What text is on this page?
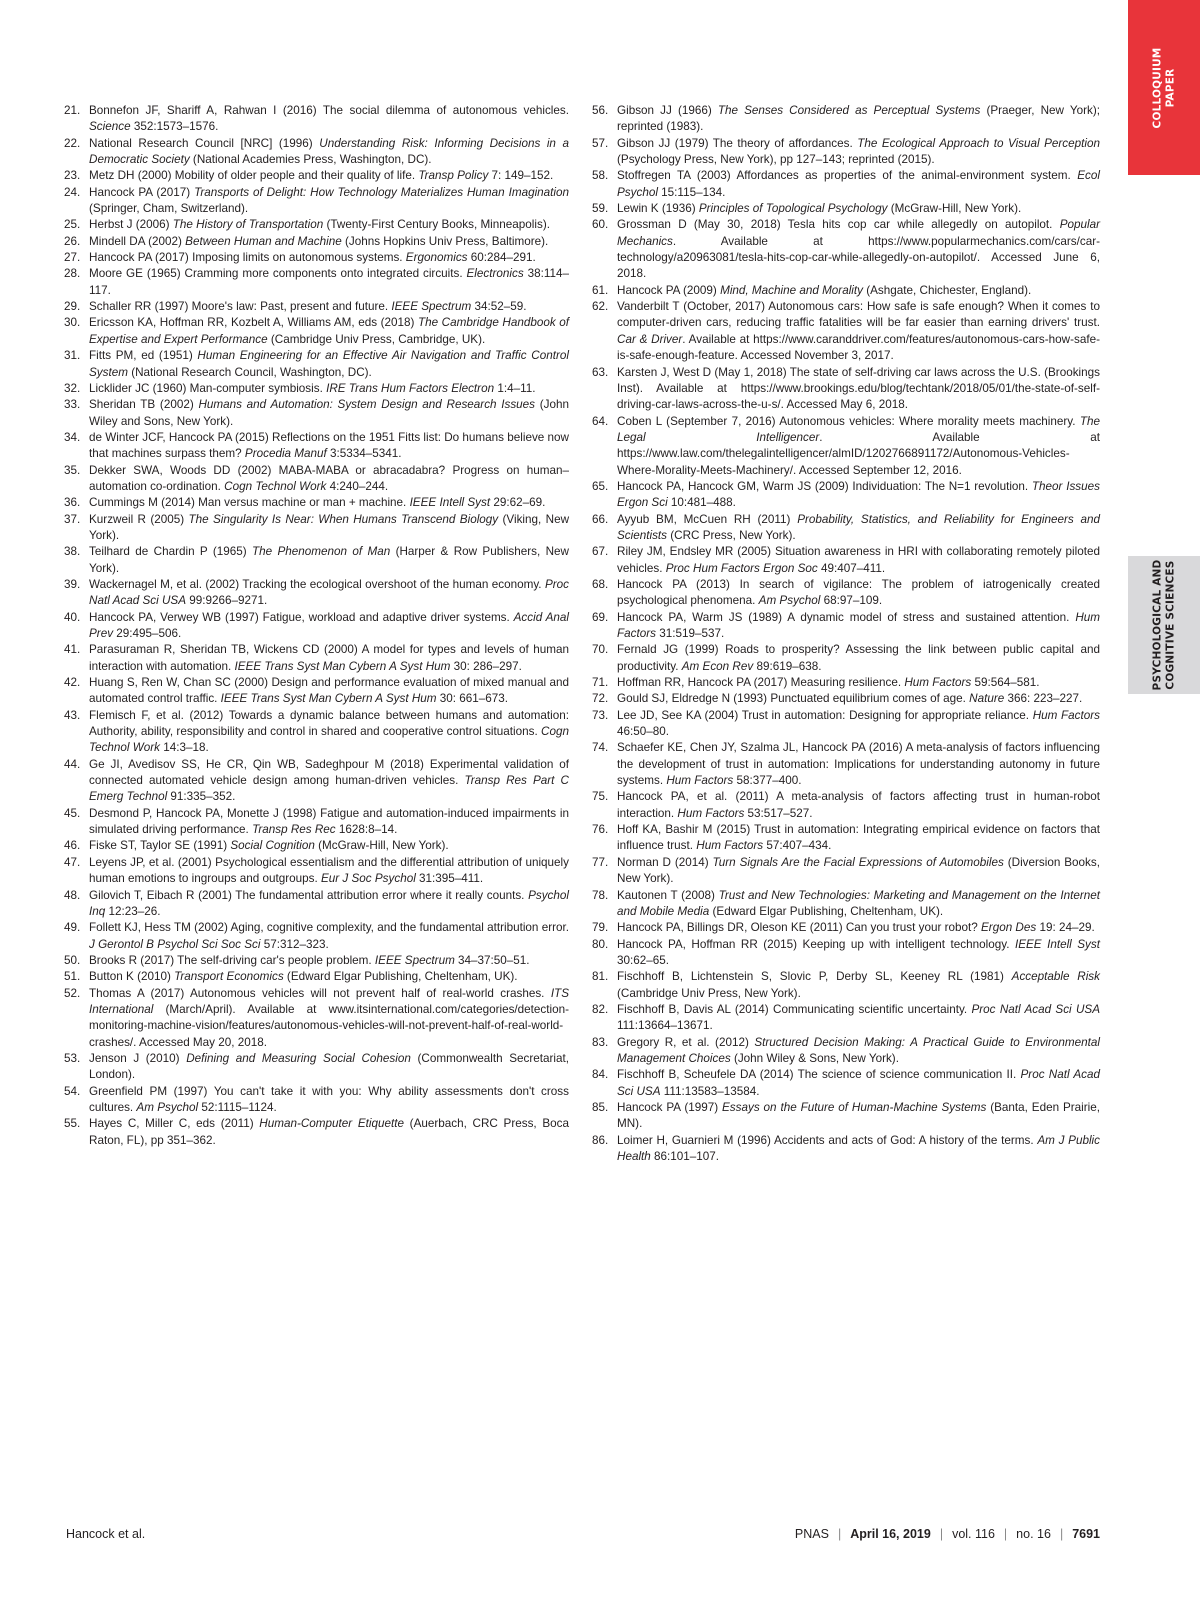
COLLOQUIUM PAPER
PSYCHOLOGICAL AND COGNITIVE SCIENCES
21. Bonnefon JF, Shariff A, Rahwan I (2016) The social dilemma of autonomous vehicles. Science 352:1573–1576.
22. National Research Council [NRC] (1996) Understanding Risk: Informing Decisions in a Democratic Society (National Academies Press, Washington, DC).
23. Metz DH (2000) Mobility of older people and their quality of life. Transp Policy 7: 149–152.
24. Hancock PA (2017) Transports of Delight: How Technology Materializes Human Imagination (Springer, Cham, Switzerland).
25. Herbst J (2006) The History of Transportation (Twenty-First Century Books, Minneapolis).
26. Mindell DA (2002) Between Human and Machine (Johns Hopkins Univ Press, Baltimore).
27. Hancock PA (2017) Imposing limits on autonomous systems. Ergonomics 60:284–291.
28. Moore GE (1965) Cramming more components onto integrated circuits. Electronics 38:114–117.
29. Schaller RR (1997) Moore's law: Past, present and future. IEEE Spectrum 34:52–59.
30. Ericsson KA, Hoffman RR, Kozbelt A, Williams AM, eds (2018) The Cambridge Handbook of Expertise and Expert Performance (Cambridge Univ Press, Cambridge, UK).
31. Fitts PM, ed (1951) Human Engineering for an Effective Air Navigation and Traffic Control System (National Research Council, Washington, DC).
32. Licklider JC (1960) Man-computer symbiosis. IRE Trans Hum Factors Electron 1:4–11.
33. Sheridan TB (2002) Humans and Automation: System Design and Research Issues (John Wiley and Sons, New York).
34. de Winter JCF, Hancock PA (2015) Reflections on the 1951 Fitts list: Do humans believe now that machines surpass them? Procedia Manuf 3:5334–5341.
35. Dekker SWA, Woods DD (2002) MABA-MABA or abracadabra? Progress on human–automation co-ordination. Cogn Technol Work 4:240–244.
36. Cummings M (2014) Man versus machine or man + machine. IEEE Intell Syst 29:62–69.
37. Kurzweil R (2005) The Singularity Is Near: When Humans Transcend Biology (Viking, New York).
38. Teilhard de Chardin P (1965) The Phenomenon of Man (Harper & Row Publishers, New York).
39. Wackernagel M, et al. (2002) Tracking the ecological overshoot of the human economy. Proc Natl Acad Sci USA 99:9266–9271.
40. Hancock PA, Verwey WB (1997) Fatigue, workload and adaptive driver systems. Accid Anal Prev 29:495–506.
41. Parasuraman R, Sheridan TB, Wickens CD (2000) A model for types and levels of human interaction with automation. IEEE Trans Syst Man Cybern A Syst Hum 30: 286–297.
42. Huang S, Ren W, Chan SC (2000) Design and performance evaluation of mixed manual and automated control traffic. IEEE Trans Syst Man Cybern A Syst Hum 30: 661–673.
43. Flemisch F, et al. (2012) Towards a dynamic balance between humans and automation: Authority, ability, responsibility and control in shared and cooperative control situations. Cogn Technol Work 14:3–18.
44. Ge JI, Avedisov SS, He CR, Qin WB, Sadeghpour M (2018) Experimental validation of connected automated vehicle design among human-driven vehicles. Transp Res Part C Emerg Technol 91:335–352.
45. Desmond P, Hancock PA, Monette J (1998) Fatigue and automation-induced impairments in simulated driving performance. Transp Res Rec 1628:8–14.
46. Fiske ST, Taylor SE (1991) Social Cognition (McGraw-Hill, New York).
47. Leyens JP, et al. (2001) Psychological essentialism and the differential attribution of uniquely human emotions to ingroups and outgroups. Eur J Soc Psychol 31:395–411.
48. Gilovich T, Eibach R (2001) The fundamental attribution error where it really counts. Psychol Inq 12:23–26.
49. Follett KJ, Hess TM (2002) Aging, cognitive complexity, and the fundamental attribution error. J Gerontol B Psychol Sci Soc Sci 57:312–323.
50. Brooks R (2017) The self-driving car's people problem. IEEE Spectrum 34–37:50–51.
51. Button K (2010) Transport Economics (Edward Elgar Publishing, Cheltenham, UK).
52. Thomas A (2017) Autonomous vehicles will not prevent half of real-world crashes. ITS International (March/April). Available at www.itsinternational.com/categories/detection-monitoring-machine-vision/features/autonomous-vehicles-will-not-prevent-half-of-real-world-crashes/. Accessed May 20, 2018.
53. Jenson J (2010) Defining and Measuring Social Cohesion (Commonwealth Secretariat, London).
54. Greenfield PM (1997) You can't take it with you: Why ability assessments don't cross cultures. Am Psychol 52:1115–1124.
55. Hayes C, Miller C, eds (2011) Human-Computer Etiquette (Auerbach, CRC Press, Boca Raton, FL), pp 351–362.
56. Gibson JJ (1966) The Senses Considered as Perceptual Systems (Praeger, New York); reprinted (1983).
57. Gibson JJ (1979) The theory of affordances. The Ecological Approach to Visual Perception (Psychology Press, New York), pp 127–143; reprinted (2015).
58. Stoffregen TA (2003) Affordances as properties of the animal-environment system. Ecol Psychol 15:115–134.
59. Lewin K (1936) Principles of Topological Psychology (McGraw-Hill, New York).
60. Grossman D (May 30, 2018) Tesla hits cop car while allegedly on autopilot. Popular Mechanics. Available at https://www.popularmechanics.com/cars/car-technology/a20963081/tesla-hits-cop-car-while-allegedly-on-autopilot/. Accessed June 6, 2018.
61. Hancock PA (2009) Mind, Machine and Morality (Ashgate, Chichester, England).
62. Vanderbilt T (October, 2017) Autonomous cars: How safe is safe enough? When it comes to computer-driven cars, reducing traffic fatalities will be far easier than earning drivers' trust. Car & Driver. Available at https://www.caranddriver.com/features/autonomous-cars-how-safe-is-safe-enough-feature. Accessed November 3, 2017.
63. Karsten J, West D (May 1, 2018) The state of self-driving car laws across the U.S. (Brookings Inst). Available at https://www.brookings.edu/blog/techtank/2018/05/01/the-state-of-self-driving-car-laws-across-the-u-s/. Accessed May 6, 2018.
64. Coben L (September 7, 2016) Autonomous vehicles: Where morality meets machinery. The Legal Intelligencer. Available at https://www.law.com/thelegalintelligencer/almID/1202766891172/Autonomous-Vehicles-Where-Morality-Meets-Machinery/. Accessed September 12, 2016.
65. Hancock PA, Hancock GM, Warm JS (2009) Individuation: The N=1 revolution. Theor Issues Ergon Sci 10:481–488.
66. Ayyub BM, McCuen RH (2011) Probability, Statistics, and Reliability for Engineers and Scientists (CRC Press, New York).
67. Riley JM, Endsley MR (2005) Situation awareness in HRI with collaborating remotely piloted vehicles. Proc Hum Factors Ergon Soc 49:407–411.
68. Hancock PA (2013) In search of vigilance: The problem of iatrogenically created psychological phenomena. Am Psychol 68:97–109.
69. Hancock PA, Warm JS (1989) A dynamic model of stress and sustained attention. Hum Factors 31:519–537.
70. Fernald JG (1999) Roads to prosperity? Assessing the link between public capital and productivity. Am Econ Rev 89:619–638.
71. Hoffman RR, Hancock PA (2017) Measuring resilience. Hum Factors 59:564–581.
72. Gould SJ, Eldredge N (1993) Punctuated equilibrium comes of age. Nature 366: 223–227.
73. Lee JD, See KA (2004) Trust in automation: Designing for appropriate reliance. Hum Factors 46:50–80.
74. Schaefer KE, Chen JY, Szalma JL, Hancock PA (2016) A meta-analysis of factors influencing the development of trust in automation: Implications for understanding autonomy in future systems. Hum Factors 58:377–400.
75. Hancock PA, et al. (2011) A meta-analysis of factors affecting trust in human-robot interaction. Hum Factors 53:517–527.
76. Hoff KA, Bashir M (2015) Trust in automation: Integrating empirical evidence on factors that influence trust. Hum Factors 57:407–434.
77. Norman D (2014) Turn Signals Are the Facial Expressions of Automobiles (Diversion Books, New York).
78. Kautonen T (2008) Trust and New Technologies: Marketing and Management on the Internet and Mobile Media (Edward Elgar Publishing, Cheltenham, UK).
79. Hancock PA, Billings DR, Oleson KE (2011) Can you trust your robot? Ergon Des 19: 24–29.
80. Hancock PA, Hoffman RR (2015) Keeping up with intelligent technology. IEEE Intell Syst 30:62–65.
81. Fischhoff B, Lichtenstein S, Slovic P, Derby SL, Keeney RL (1981) Acceptable Risk (Cambridge Univ Press, New York).
82. Fischhoff B, Davis AL (2014) Communicating scientific uncertainty. Proc Natl Acad Sci USA 111:13664–13671.
83. Gregory R, et al. (2012) Structured Decision Making: A Practical Guide to Environmental Management Choices (John Wiley & Sons, New York).
84. Fischhoff B, Scheufele DA (2014) The science of science communication II. Proc Natl Acad Sci USA 111:13583–13584.
85. Hancock PA (1997) Essays on the Future of Human-Machine Systems (Banta, Eden Prairie, MN).
86. Loimer H, Guarnieri M (1996) Accidents and acts of God: A history of the terms. Am J Public Health 86:101–107.
Hancock et al.	PNAS | April 16, 2019 | vol. 116 | no. 16 | 7691
